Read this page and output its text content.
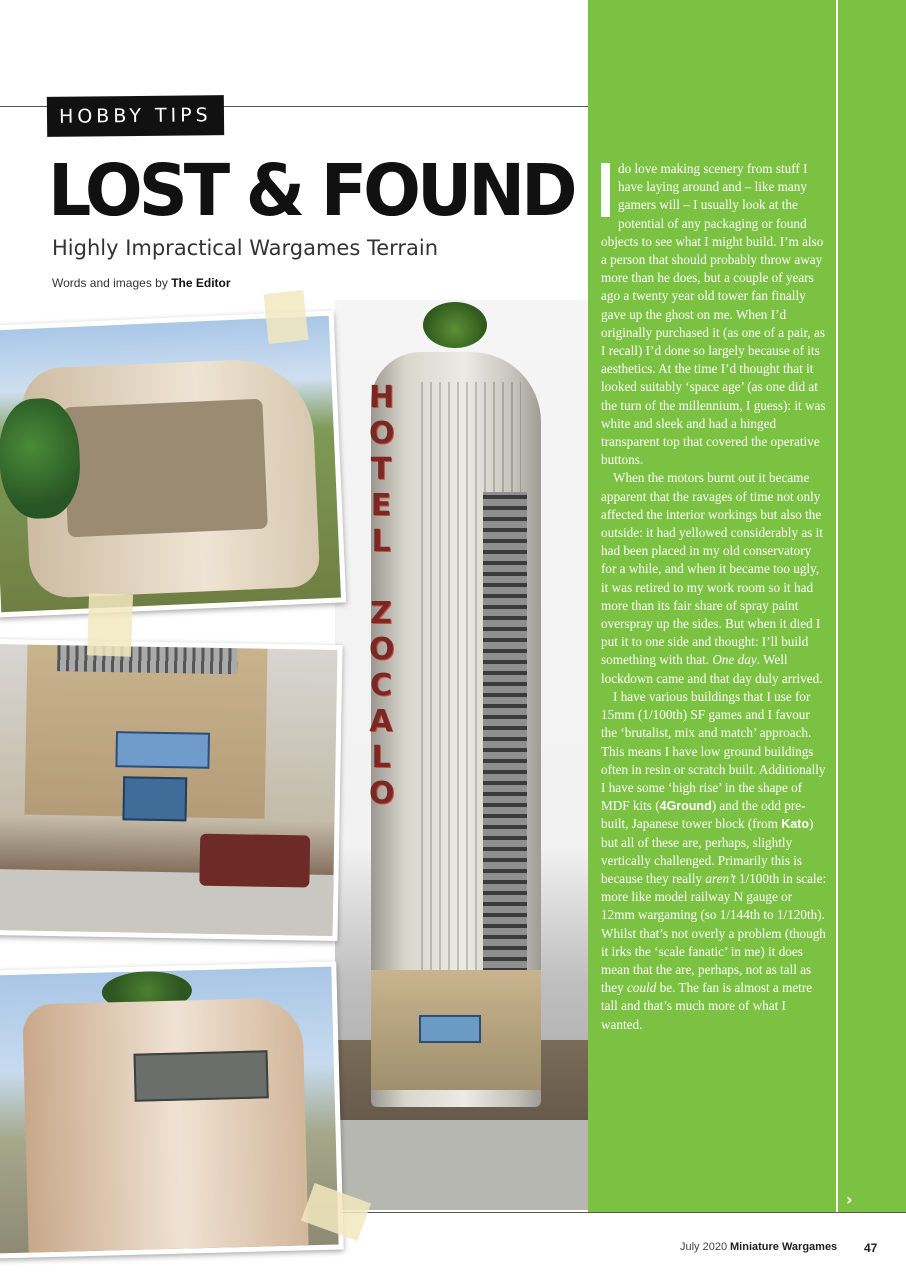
HOBBY TIPS
LOST & FOUND
Highly Impractical Wargames Terrain
Words and images by The Editor
H
O
T
E
L

Z
O
C
A
L
O

do love making scenery from stuff I have laying around and – like many gamers will – I usually look at the potential of any packaging or found objects to see what I might build. I’m also a person that should probably throw away more than he does, but a couple of years ago a twenty year old tower fan finally gave up the ghost on me. When I’d originally purchased it (as one of a pair, as I recall) I’d done so largely because of its aesthetics. At the time I’d thought that it looked suitably ‘space age’ (as one did at the turn of the millennium, I guess): it was white and sleek and had a hinged transparent top that covered the operative buttons.

When the motors burnt out it became apparent that the ravages of time not only affected the interior workings but also the outside: it had yellowed considerably as it had been placed in my old conservatory for a while, and when it became too ugly, it was retired to my work room so it had more than its fair share of spray paint overspray up the sides. But when it died I put it to one side and thought: I’ll build something with that. One day. Well lockdown came and that day duly arrived.

I have various buildings that I use for 15mm (1/100th) SF games and I favour the ‘brutalist, mix and match’ approach. This means I have low ground buildings often in resin or scratch built. Additionally I have some ‘high rise’ in the shape of MDF kits (4Ground) and the odd pre-built, Japanese tower block (from Kato) but all of these are, perhaps, slightly vertically challenged. Primarily this is because they really aren’t 1/100th in scale: more like model railway N gauge or 12mm wargaming (so 1/144th to 1/120th). Whilst that’s not overly a problem (though it irks the ‘scale fanatic’ in me) it does mean that the are, perhaps, not as tall as they could be. The fan is almost a metre tall and that’s much more of what I wanted.

›
July 2020 Miniature Wargames 47
